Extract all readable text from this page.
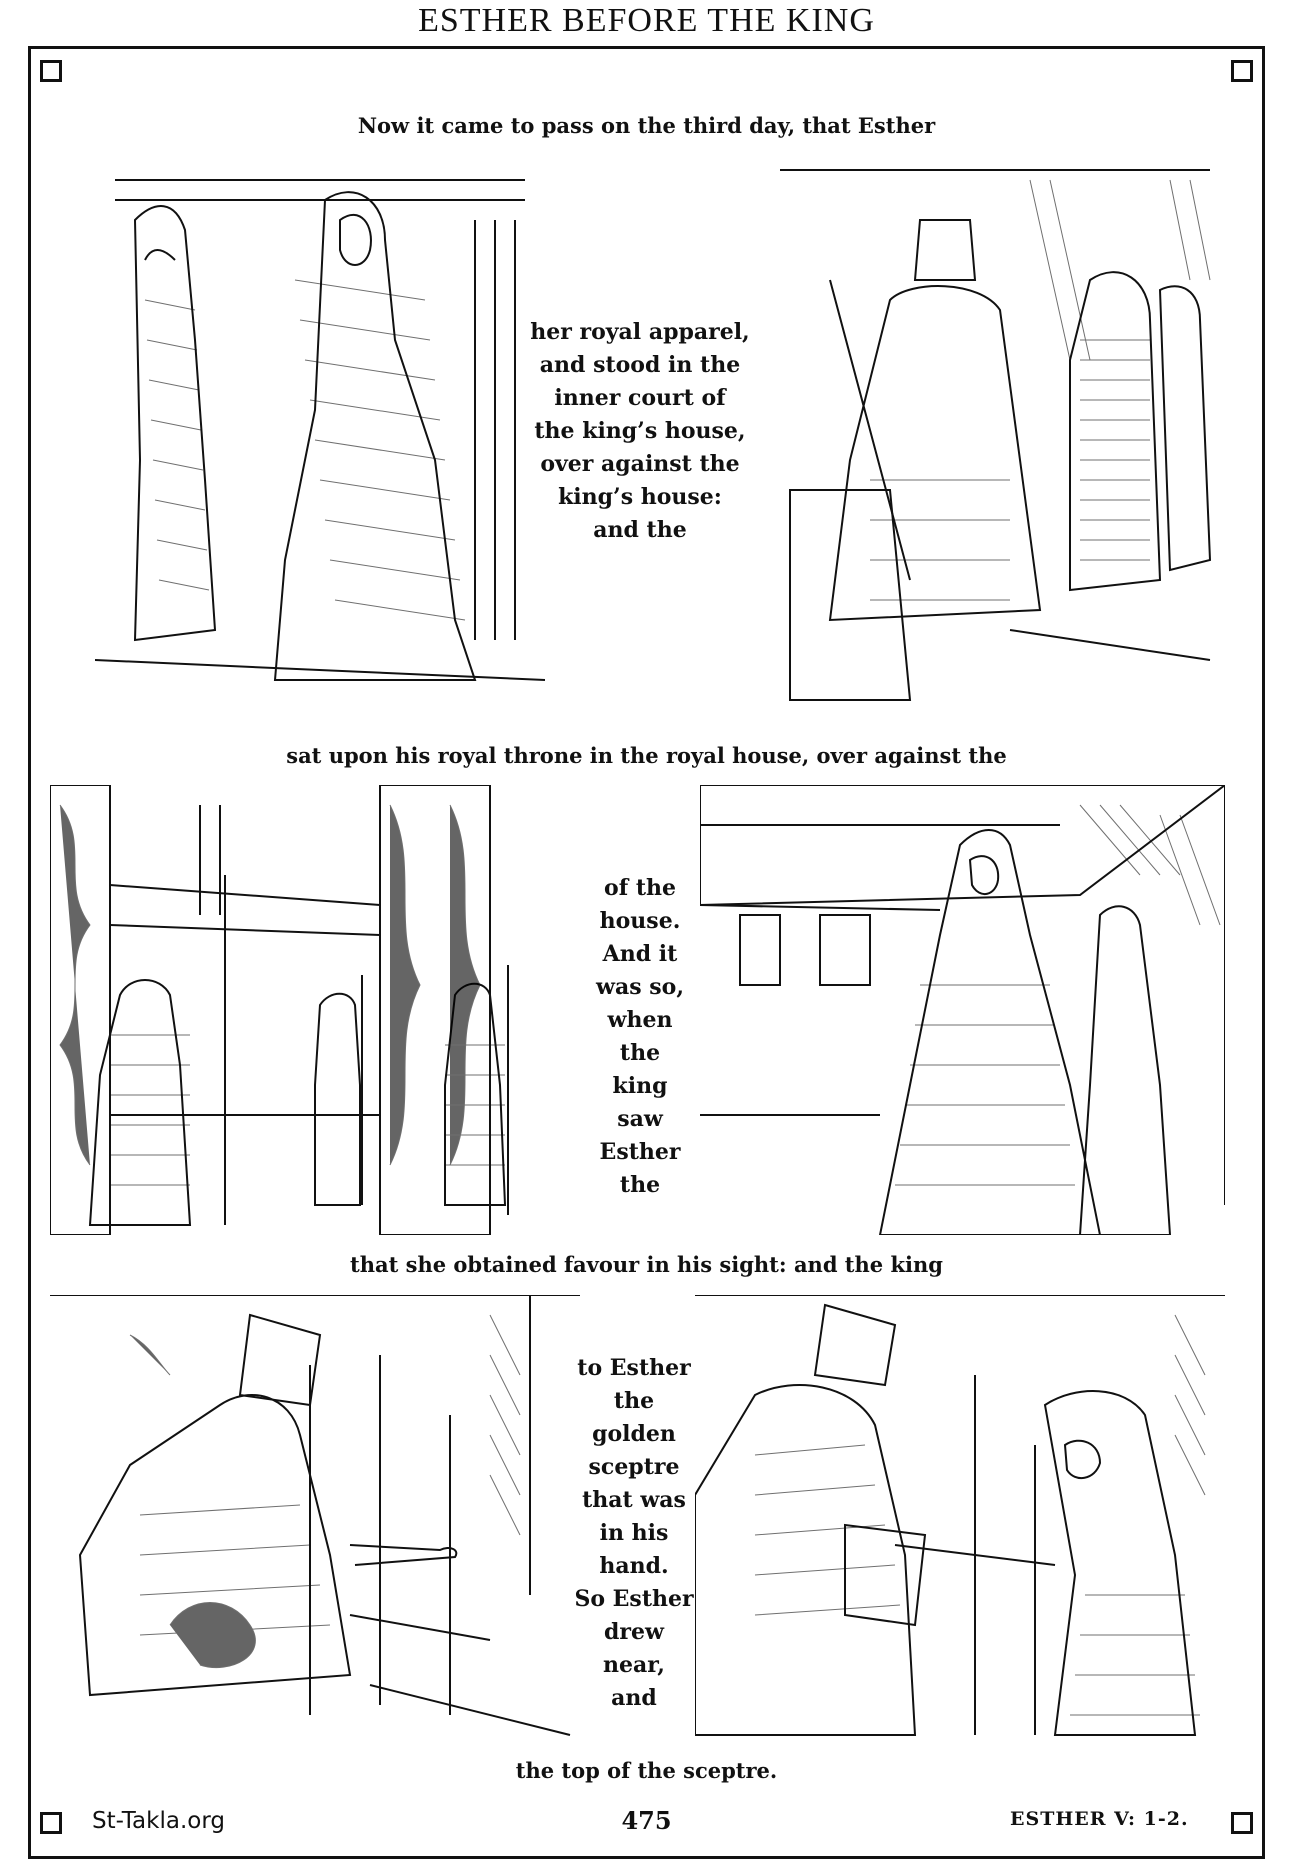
ESTHER BEFORE THE KING
Now it came to pass on the third day, that Esther
her royal apparel,
and stood in the
inner court of
the king’s house,
over against the
king’s house:
and the
sat upon his royal throne in the royal house, over against the
of the
house.
And it
was so,
when the
king saw
Esther
the
that she obtained favour in his sight: and the king
to Esther
the
golden
sceptre
that was
in his
hand.
So Esther
drew near,
and
the top of the sceptre.
St-Takla.org	475	ESTHER V: 1-2.
